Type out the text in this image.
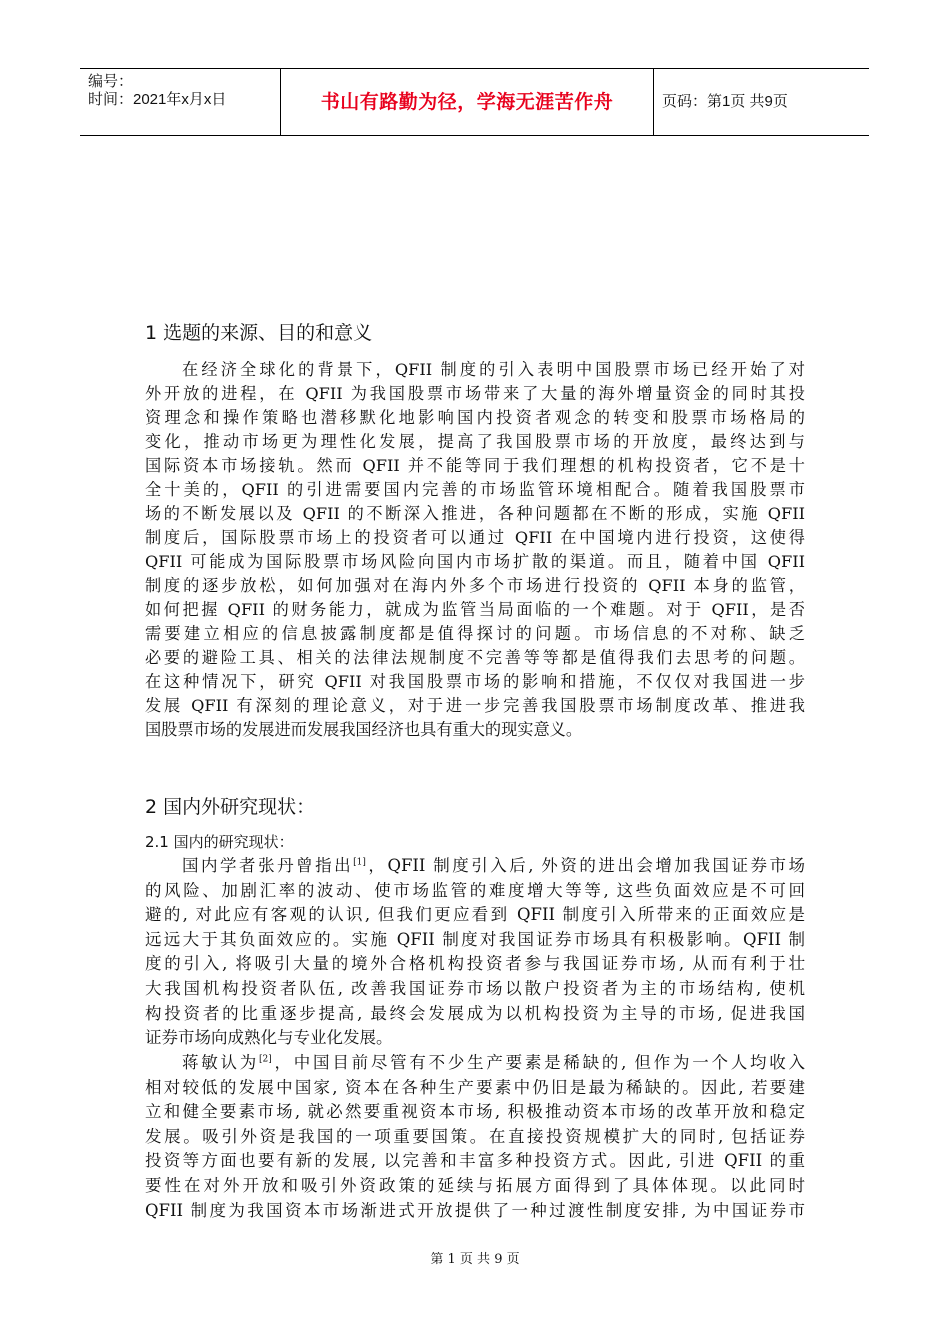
编号：
时间：2021年x月x日	书山有路勤为径，学海无涯苦作舟	页码：第1页 共9页
1 选题的来源、目的和意义
在经济全球化的背景下，QFII 制度的引入表明中国股票市场已经开始了对
外开放的进程，在 QFII 为我国股票市场带来了大量的海外增量资金的同时其投
资理念和操作策略也潜移默化地影响国内投资者观念的转变和股票市场格局的
变化，推动市场更为理性化发展，提高了我国股票市场的开放度，最终达到与
国际资本市场接轨。然而 QFII 并不能等同于我们理想的机构投资者，它不是十
全十美的，QFII 的引进需要国内完善的市场监管环境相配合。随着我国股票市
场的不断发展以及 QFII 的不断深入推进，各种问题都在不断的形成，实施 QFII
制度后，国际股票市场上的投资者可以通过 QFII 在中国境内进行投资，这使得
QFII 可能成为国际股票市场风险向国内市场扩散的渠道。而且，随着中国 QFII
制度的逐步放松，如何加强对在海内外多个市场进行投资的 QFII 本身的监管，
如何把握 QFII 的财务能力，就成为监管当局面临的一个难题。对于 QFII，是否
需要建立相应的信息披露制度都是值得探讨的问题。市场信息的不对称、缺乏
必要的避险工具、相关的法律法规制度不完善等等都是值得我们去思考的问题。
在这种情况下，研究 QFII 对我国股票市场的影响和措施，不仅仅对我国进一步
发展 QFII 有深刻的理论意义，对于进一步完善我国股票市场制度改革、推进我
国股票市场的发展进而发展我国经济也具有重大的现实意义。
2 国内外研究现状：
2.1 国内的研究现状：
国内学者张丹曾指出[1]，QFII 制度引入后, 外资的进出会增加我国证券市场
的风险、加剧汇率的波动、使市场监管的难度增大等等, 这些负面效应是不可回
避的, 对此应有客观的认识, 但我们更应看到 QFII 制度引入所带来的正面效应是
远远大于其负面效应的。实施 QFII 制度对我国证券市场具有积极影响。QFII 制
度的引入, 将吸引大量的境外合格机构投资者参与我国证券市场, 从而有利于壮
大我国机构投资者队伍, 改善我国证券市场以散户投资者为主的市场结构, 使机
构投资者的比重逐步提高, 最终会发展成为以机构投资为主导的市场, 促进我国
证券市场向成熟化与专业化发展。
蒋敏认为[2]，中国目前尽管有不少生产要素是稀缺的, 但作为一个人均收入
相对较低的发展中国家, 资本在各种生产要素中仍旧是最为稀缺的。因此, 若要建
立和健全要素市场, 就必然要重视资本市场, 积极推动资本市场的改革开放和稳定
发展。吸引外资是我国的一项重要国策。在直接投资规模扩大的同时, 包括证券
投资等方面也要有新的发展, 以完善和丰富多种投资方式。因此, 引进 QFII 的重
要性在对外开放和吸引外资政策的延续与拓展方面得到了具体体现。以此同时
QFII 制度为我国资本市场渐进式开放提供了一种过渡性制度安排, 为中国证券市
第 1 页 共 9 页
